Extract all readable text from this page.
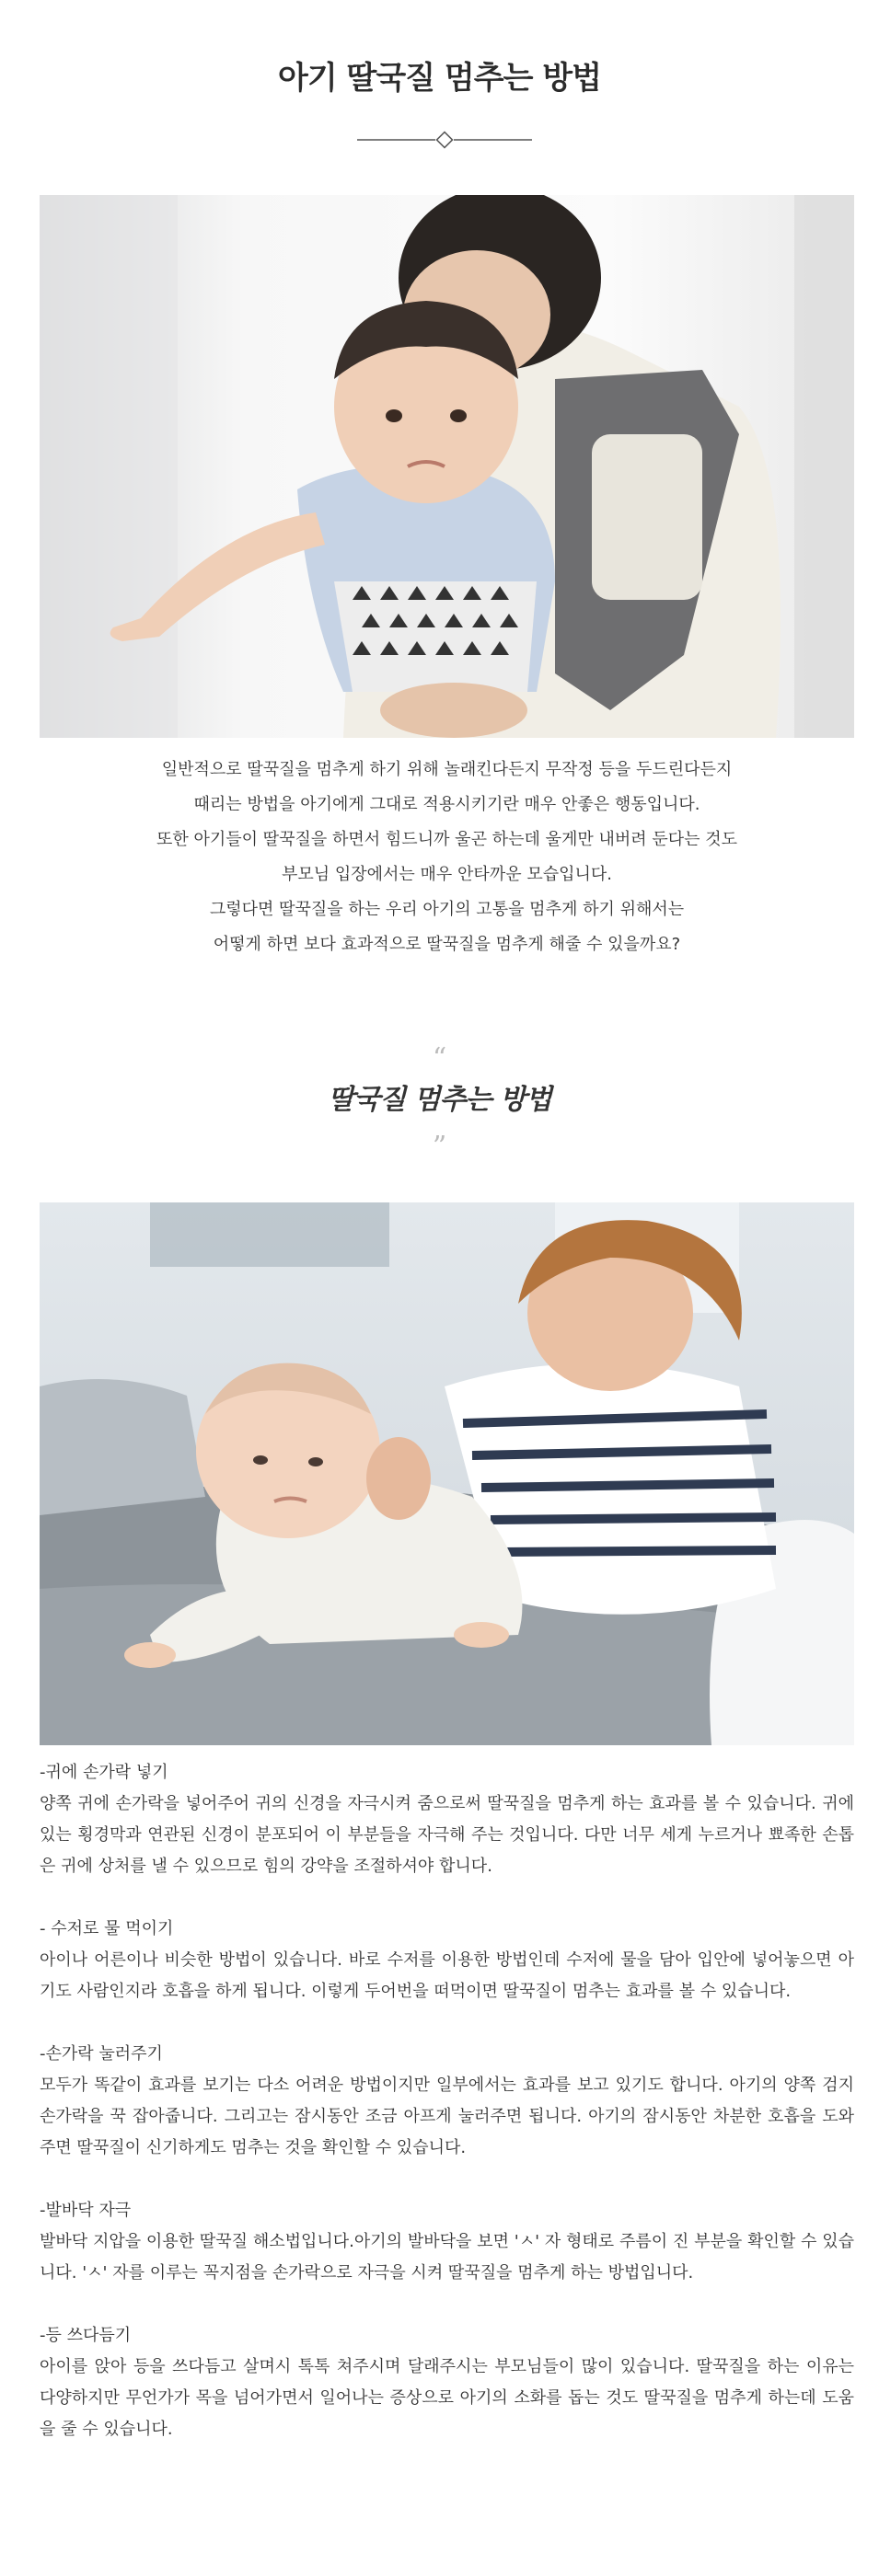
아기 딸국질 멈추는 방법

일반적으로 딸꾹질을 멈추게 하기 위해 놀래킨다든지 무작정 등을 두드린다든지

때리는 방법을 아기에게 그대로 적용시키기란 매우 안좋은 행동입니다.

또한 아기들이 딸꾹질을 하면서 힘드니까 울곤 하는데 울게만 내버려 둔다는 것도

부모님 입장에서는 매우 안타까운 모습입니다.

그렇다면 딸꾹질을 하는 우리 아기의 고통을 멈추게 하기 위해서는

어떻게 하면 보다 효과적으로 딸꾹질을 멈추게 해줄 수 있을까요?

“
딸국질 멈추는 방법
”
-귀에 손가락 넣기
양쪽 귀에 손가락을 넣어주어 귀의 신경을 자극시켜 줌으로써 딸꾹질을 멈추게 하는 효과를 볼 수 있습니다. 귀에 있는 횡경막과 연관된 신경이 분포되어 이 부분들을 자극해 주는 것입니다. 다만 너무 세게 누르거나 뾰족한 손톱은 귀에 상처를 낼 수 있으므로 힘의 강약을 조절하셔야 합니다.
- 수저로 물 먹이기
아이나 어른이나 비슷한 방법이 있습니다. 바로 수저를 이용한 방법인데 수저에 물을 담아 입안에 넣어놓으면 아기도 사람인지라 호흡을 하게 됩니다. 이렇게 두어번을 떠먹이면 딸꾹질이 멈추는 효과를 볼 수 있습니다.
-손가락 눌러주기
모두가 똑같이 효과를 보기는 다소 어려운 방법이지만 일부에서는 효과를 보고 있기도 합니다. 아기의 양쪽 검지 손가락을 꾹 잡아줍니다. 그리고는 잠시동안 조금 아프게 눌러주면 됩니다. 아기의 잠시동안 차분한 호흡을 도와주면 딸꾹질이 신기하게도 멈추는 것을 확인할 수 있습니다.
-발바닥 자극
발바닥 지압을 이용한 딸꾹질 해소법입니다.아기의 발바닥을 보면 'ㅅ' 자 형태로 주름이 진 부분을 확인할 수 있습니다. 'ㅅ' 자를 이루는 꼭지점을 손가락으로 자극을 시켜 딸꾹질을 멈추게 하는 방법입니다.
-등 쓰다듬기
아이를 앉아 등을 쓰다듬고 살며시 톡톡 쳐주시며 달래주시는 부모님들이 많이 있습니다. 딸꾹질을 하는 이유는 다양하지만 무언가가 목을 넘어가면서 일어나는 증상으로 아기의 소화를 돕는 것도 딸꾹질을 멈추게 하는데 도움을 줄 수 있습니다.
